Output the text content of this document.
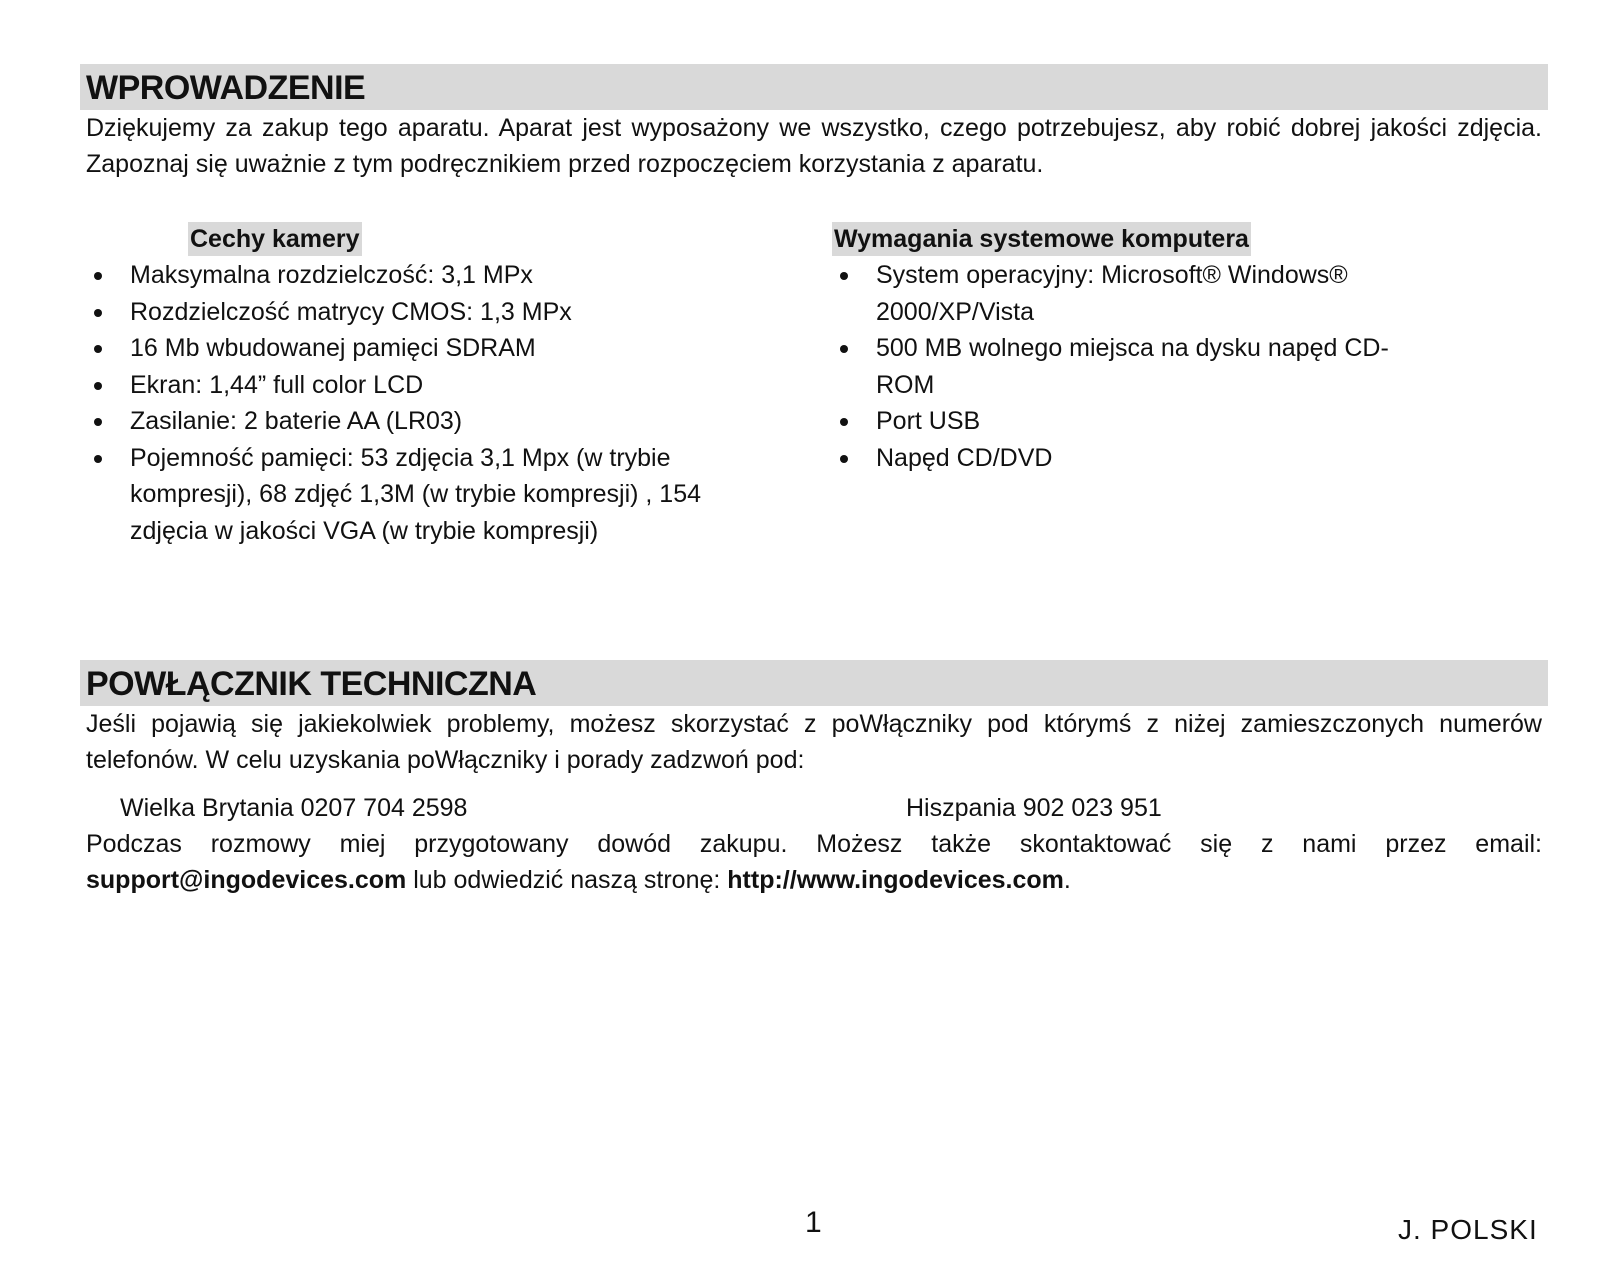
WPROWADZENIE
Dziękujemy za zakup tego aparatu. Aparat jest wyposażony we wszystko, czego potrzebujesz, aby robić dobrej jakości zdjęcia. Zapoznaj się uważnie z tym podręcznikiem przed rozpoczęciem korzystania z aparatu.
Cechy kamery
Maksymalna rozdzielczość: 3,1 MPx
Rozdzielczość matrycy CMOS: 1,3 MPx
16 Mb wbudowanej pamięci SDRAM
Ekran: 1,44” full color LCD
Zasilanie: 2 baterie AA (LR03)
Pojemność pamięci: 53 zdjęcia 3,1 Mpx (w trybie kompresji), 68 zdjęć 1,3M (w trybie kompresji) , 154 zdjęcia w jakości VGA (w trybie kompresji)
Wymagania systemowe komputera
System operacyjny: Microsoft® Windows® 2000/XP/Vista
500 MB wolnego miejsca na dysku napęd CD-ROM
Port USB
Napęd CD/DVD
POWŁĄCZNIK TECHNICZNA
Jeśli pojawią się jakiekolwiek problemy, możesz skorzystać z poWłączniky pod którymś z niżej zamieszczonych numerów telefonów. W celu uzyskania poWłączniky i porady zadzwoń pod:
Wielka Brytania 0207 704 2598	Hiszpania 902 023 951
Podczas rozmowy miej przygotowany dowód zakupu. Możesz także skontaktować się z nami przez email: support@ingodevices.com lub odwiedzić naszą stronę: http://www.ingodevices.com.
1	J. POLSKI
